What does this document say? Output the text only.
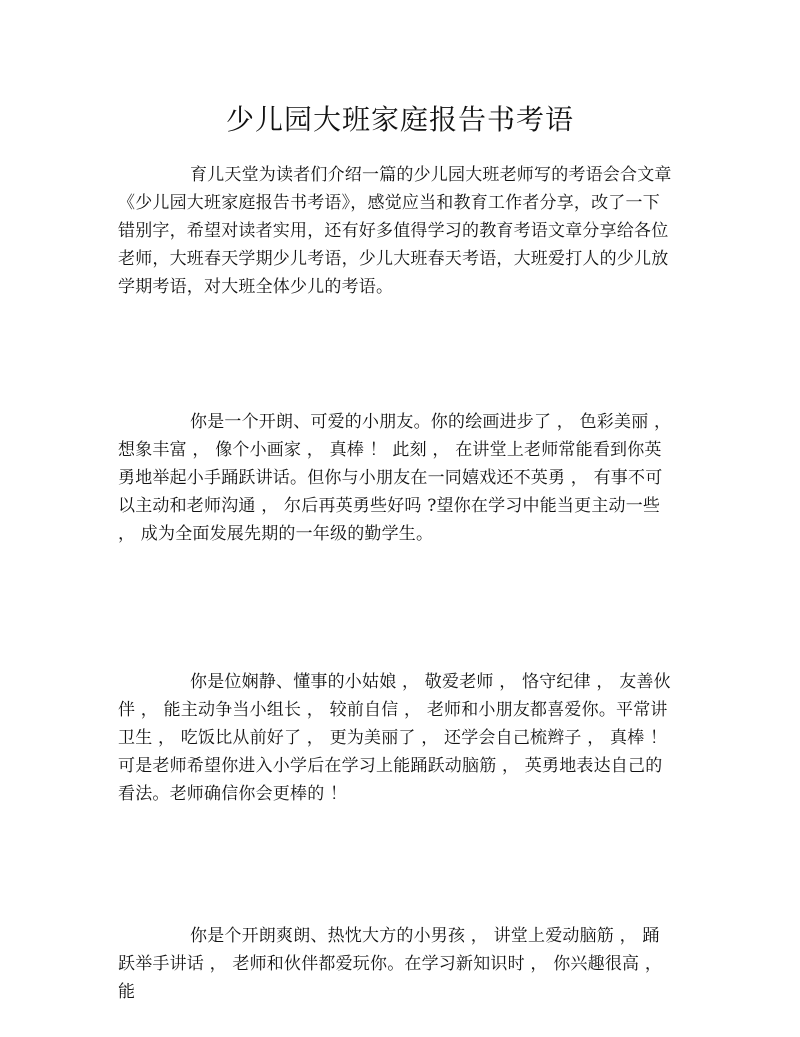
少儿园大班家庭报告书考语

育儿天堂为读者们介绍一篇的少儿园大班老师写的考语会合文章《少儿园大班家庭报告书考语》，感觉应当和教育工作者分享，改了一下错别字，希望对读者实用，还有好多值得学习的教育考语文章分享给各位老师，大班春天学期少儿考语，少儿大班春天考语，大班爱打人的少儿放学期考语，对大班全体少儿的考语。

你是一个开朗、可爱的小朋友。你的绘画进步了 ， 色彩美丽 ， 想象丰富 ， 像个小画家 ， 真棒 ！ 此刻 ， 在讲堂上老师常能看到你英勇地举起小手踊跃讲话。但你与小朋友在一同嬉戏还不英勇 ， 有事不可以主动和老师沟通 ， 尔后再英勇些好吗 ?望你在学习中能当更主动一些 ， 成为全面发展先期的一年级的勤学生。

你是位娴静、懂事的小姑娘 ， 敬爱老师 ， 恪守纪律 ， 友善伙伴 ， 能主动争当小组长 ， 较前自信 ， 老师和小朋友都喜爱你。平常讲卫生 ， 吃饭比从前好了 ， 更为美丽了 ， 还学会自己梳辫子 ， 真棒 ！ 可是老师希望你进入小学后在学习上能踊跃动脑筋 ， 英勇地表达自己的看法。老师确信你会更棒的 ！

你是个开朗爽朗、热忱大方的小男孩 ， 讲堂上爱动脑筋 ， 踊跃举手讲话 ， 老师和伙伴都爱玩你。在学习新知识时 ， 你兴趣很高 ， 能
